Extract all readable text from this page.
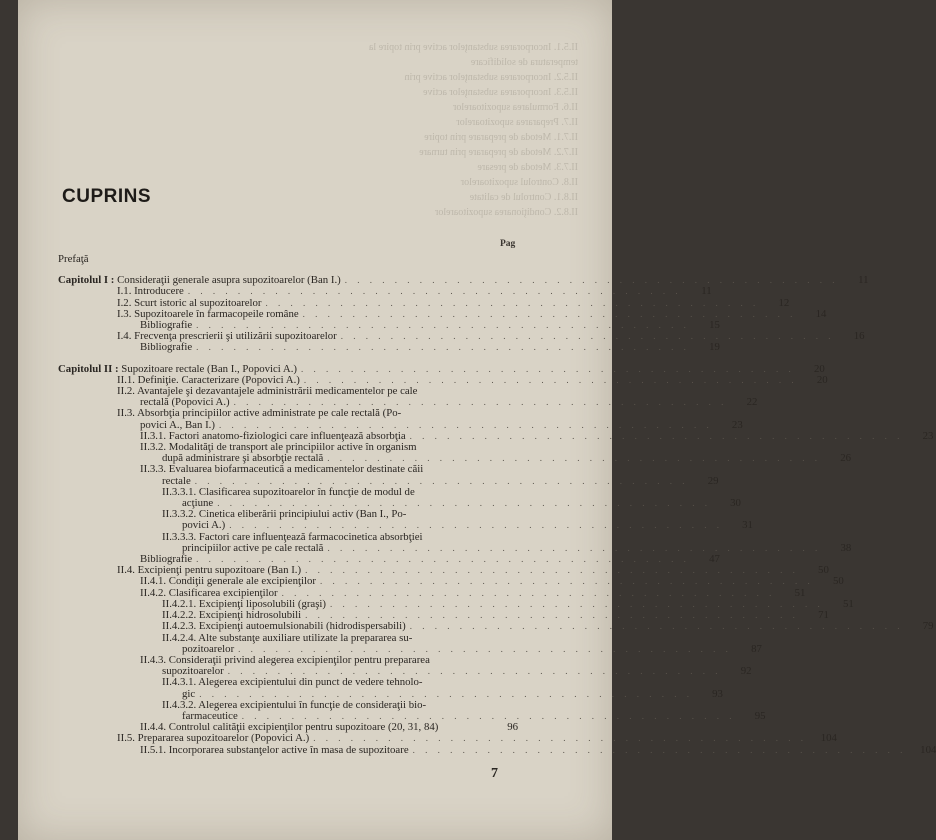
II.5.1. Incorporarea substanţelor active prin topire la
temperatura de solidificare
II.5.2. Incorporarea substanţelor active prin
II.5.3. Incorporarea substanţelor active
II.6. Formularea supozitoarelor
II.7. Prepararea supozitoarelor
II.7.1. Metoda de preparare prin topire
II.7.2. Metoda de preparare prin turnare
II.7.3. Metoda de presare
II.8. Controlul supozitoarelor
II.8.1. Controlul de calitate
II.8.2. Condiţionarea supozitoarelor
CUPRINS
Pag
Prefaţă
Capitolul I : Consideraţii generale asupra supozitoarelor (Ban I.) . . . . . . . . . . . . . . . . . . . . . . . . . . . . . . . . . . . . . . . .	11
I.1. Introducere . . . . . . . . . . . . . . . . . . . . . . . . . . . . . . . . . . . . . . . .	11
I.2. Scurt istoric al supozitoarelor . . . . . . . . . . . . . . . . . . . . . . . . . . . . . . . . . . . . . . . .	12
I.3. Supozitoarele în farmacopeile române . . . . . . . . . . . . . . . . . . . . . . . . . . . . . . . . . . . . . . . .	14
Bibliografie . . . . . . . . . . . . . . . . . . . . . . . . . . . . . . . . . . . . . . . .	15
I.4. Frecvenţa prescrierii şi utilizării supozitoarelor . . . . . . . . . . . . . . . . . . . . . . . . . . . . . . . . . . . . . . . .	16
Bibliografie . . . . . . . . . . . . . . . . . . . . . . . . . . . . . . . . . . . . . . . .	19
Capitolul II : Supozitoare rectale (Ban I., Popovici A.) . . . . . . . . . . . . . . . . . . . . . . . . . . . . . . . . . . . . . . . .	20
II.1. Definiţie. Caracterizare (Popovici A.) . . . . . . . . . . . . . . . . . . . . . . . . . . . . . . . . . . . . . . . .	20
II.2. Avantajele şi dezavantajele administrării medicamentelor pe cale
rectală (Popovici A.) . . . . . . . . . . . . . . . . . . . . . . . . . . . . . . . . . . . . . . . .	22
II.3. Absorbţia principiilor active administrate pe cale rectală (Po-
povici A., Ban I.) . . . . . . . . . . . . . . . . . . . . . . . . . . . . . . . . . . . . . . . .	23
II.3.1. Factori anatomo-fiziologici care influenţează absorbţia . . . . . . . . . . . . . . . . . . . . . . . . . . . . . . . . . . . . . . . .	23
II.3.2. Modalităţi de transport ale principiilor active în organism
după administrare şi absorbţie rectală . . . . . . . . . . . . . . . . . . . . . . . . . . . . . . . . . . . . . . . .	26
II.3.3. Evaluarea biofarmaceutică a medicamentelor destinate căii
rectale . . . . . . . . . . . . . . . . . . . . . . . . . . . . . . . . . . . . . . . .	29
II.3.3.1. Clasificarea supozitoarelor în funcţie de modul de
acţiune . . . . . . . . . . . . . . . . . . . . . . . . . . . . . . . . . . . . . . . .	30
II.3.3.2. Cinetica eliberării principiului activ (Ban I., Po-
povici A.) . . . . . . . . . . . . . . . . . . . . . . . . . . . . . . . . . . . . . . . .	31
II.3.3.3. Factori care influenţează farmacocinetica absorbţiei
principiilor active pe cale rectală . . . . . . . . . . . . . . . . . . . . . . . . . . . . . . . . . . . . . . . .	38
Bibliografie . . . . . . . . . . . . . . . . . . . . . . . . . . . . . . . . . . . . . . . .	47
II.4. Excipienţi pentru supozitoare (Ban I.) . . . . . . . . . . . . . . . . . . . . . . . . . . . . . . . . . . . . . . . .	50
II.4.1. Condiţii generale ale excipienţilor . . . . . . . . . . . . . . . . . . . . . . . . . . . . . . . . . . . . . . . .	50
II.4.2. Clasificarea excipienţilor . . . . . . . . . . . . . . . . . . . . . . . . . . . . . . . . . . . . . . . .	51
II.4.2.1. Excipienţi liposolubili (graşi) . . . . . . . . . . . . . . . . . . . . . . . . . . . . . . . . . . . . . . . .	51
II.4.2.2. Excipienţi hidrosolubili . . . . . . . . . . . . . . . . . . . . . . . . . . . . . . . . . . . . . . . .	71
II.4.2.3. Excipienţi autoemulsionabili (hidrodispersabili) . . . . . . . . . . . . . . . . . . . . . . . . . . . . . . . . . . . . . . . .	79
II.4.2.4. Alte substanţe auxiliare utilizate la prepararea su-
pozitoarelor . . . . . . . . . . . . . . . . . . . . . . . . . . . . . . . . . . . . . . . .	87
II.4.3. Consideraţii privind alegerea excipienţilor pentru prepararea
supozitoarelor . . . . . . . . . . . . . . . . . . . . . . . . . . . . . . . . . . . . . . . .	92
II.4.3.1. Alegerea excipientului din punct de vedere tehnolo-
gic . . . . . . . . . . . . . . . . . . . . . . . . . . . . . . . . . . . . . . . .	93
II.4.3.2. Alegerea excipientului în funcţie de consideraţii bio-
farmaceutice . . . . . . . . . . . . . . . . . . . . . . . . . . . . . . . . . . . . . . . .	95
II.4.4. Controlul calităţii excipienţilor pentru supozitoare (20, 31, 84)	96
II.5. Prepararea supozitoarelor (Popovici A.) . . . . . . . . . . . . . . . . . . . . . . . . . . . . . . . . . . . . . . . .	104
II.5.1. Incorporarea substanţelor active în masa de supozitoare . . . . . . . . . . . . . . . . . . . . . . . . . . . . . . . . . . . . . . . .	104
7
